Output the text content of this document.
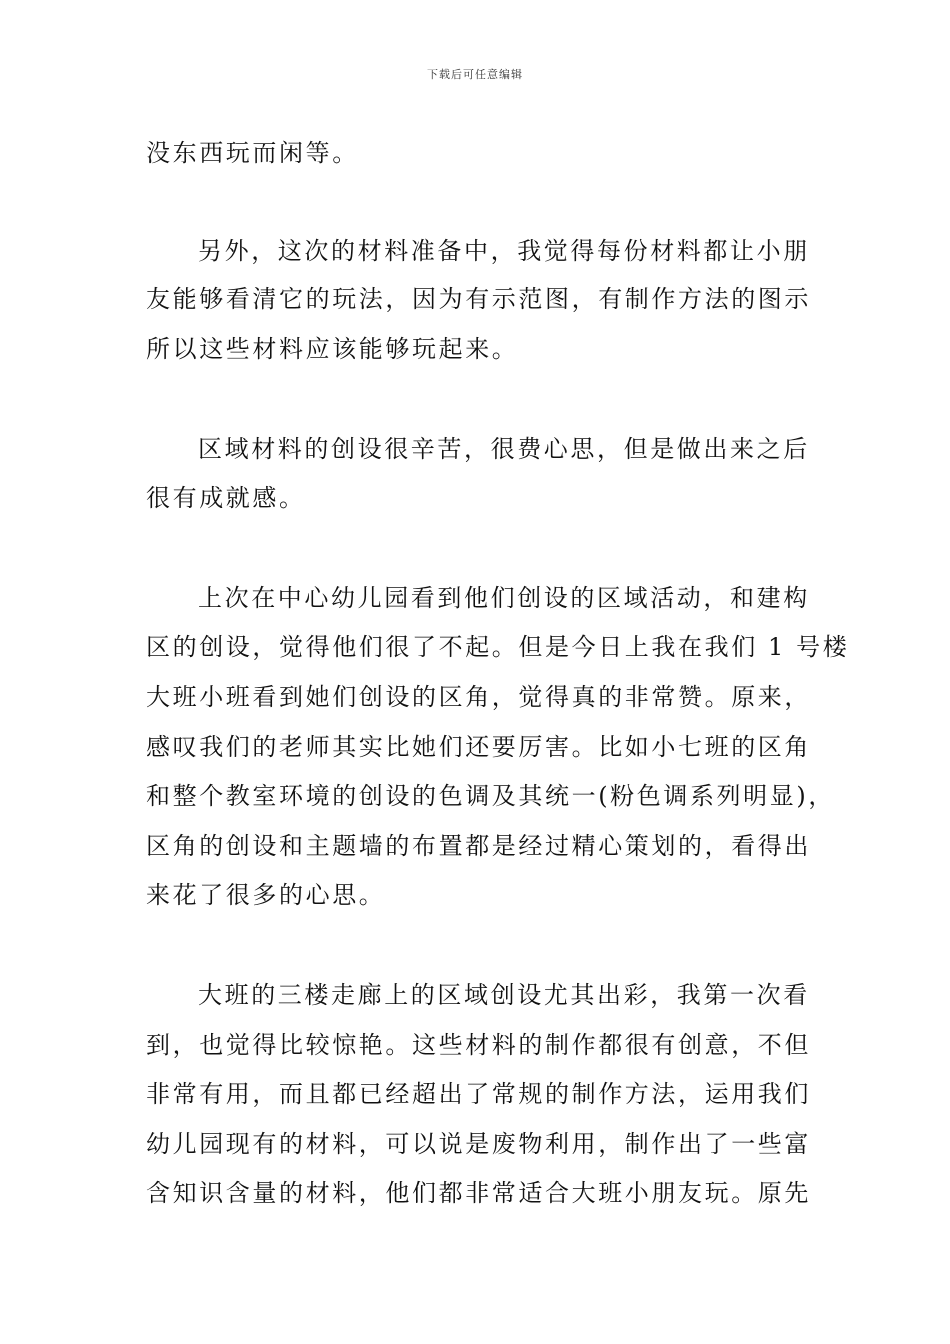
下载后可任意编辑
没东西玩而闲等。
另外，这次的材料准备中，我觉得每份材料都让小朋
友能够看清它的玩法，因为有示范图，有制作方法的图示
所以这些材料应该能够玩起来。
区域材料的创设很辛苦，很费心思，但是做出来之后
很有成就感。
上次在中心幼儿园看到他们创设的区域活动，和建构
区的创设，觉得他们很了不起。但是今日上我在我们 1 号楼
大班小班看到她们创设的区角，觉得真的非常赞。原来，
感叹我们的老师其实比她们还要厉害。比如小七班的区角
和整个教室环境的创设的色调及其统一(粉色调系列明显)，
区角的创设和主题墙的布置都是经过精心策划的，看得出
来花了很多的心思。
大班的三楼走廊上的区域创设尤其出彩，我第一次看
到，也觉得比较惊艳。这些材料的制作都很有创意，不但
非常有用，而且都已经超出了常规的制作方法，运用我们
幼儿园现有的材料，可以说是废物利用，制作出了一些富
含知识含量的材料，他们都非常适合大班小朋友玩。原先
